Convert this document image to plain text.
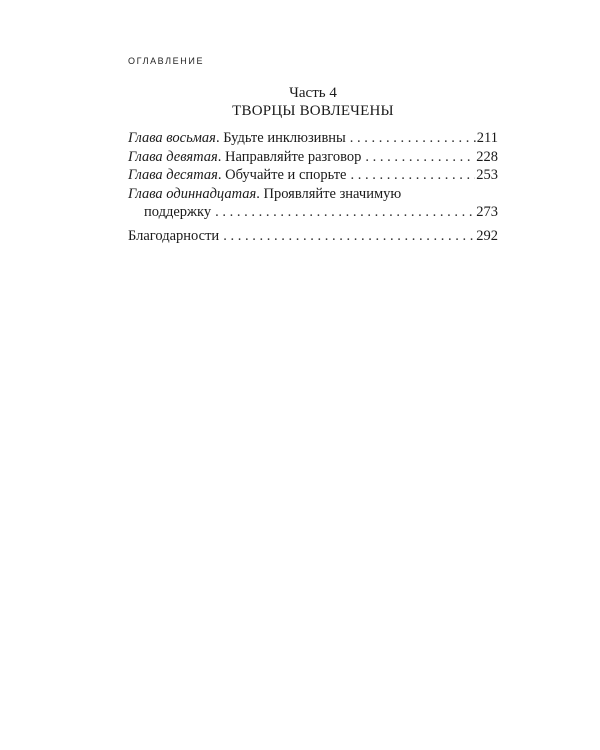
ОГЛАВЛЕНИЕ
Часть 4
ТВОРЦЫ ВОВЛЕЧЕНЫ
Глава восьмая. Будьте инклюзивны . . .	211
Глава девятая. Направляйте разговор . . .	228
Глава десятая. Обучайте и спорьте . . .	253
Глава одиннадцатая. Проявляйте значимую
поддержку . . .	273
Благодарности . . .	292
